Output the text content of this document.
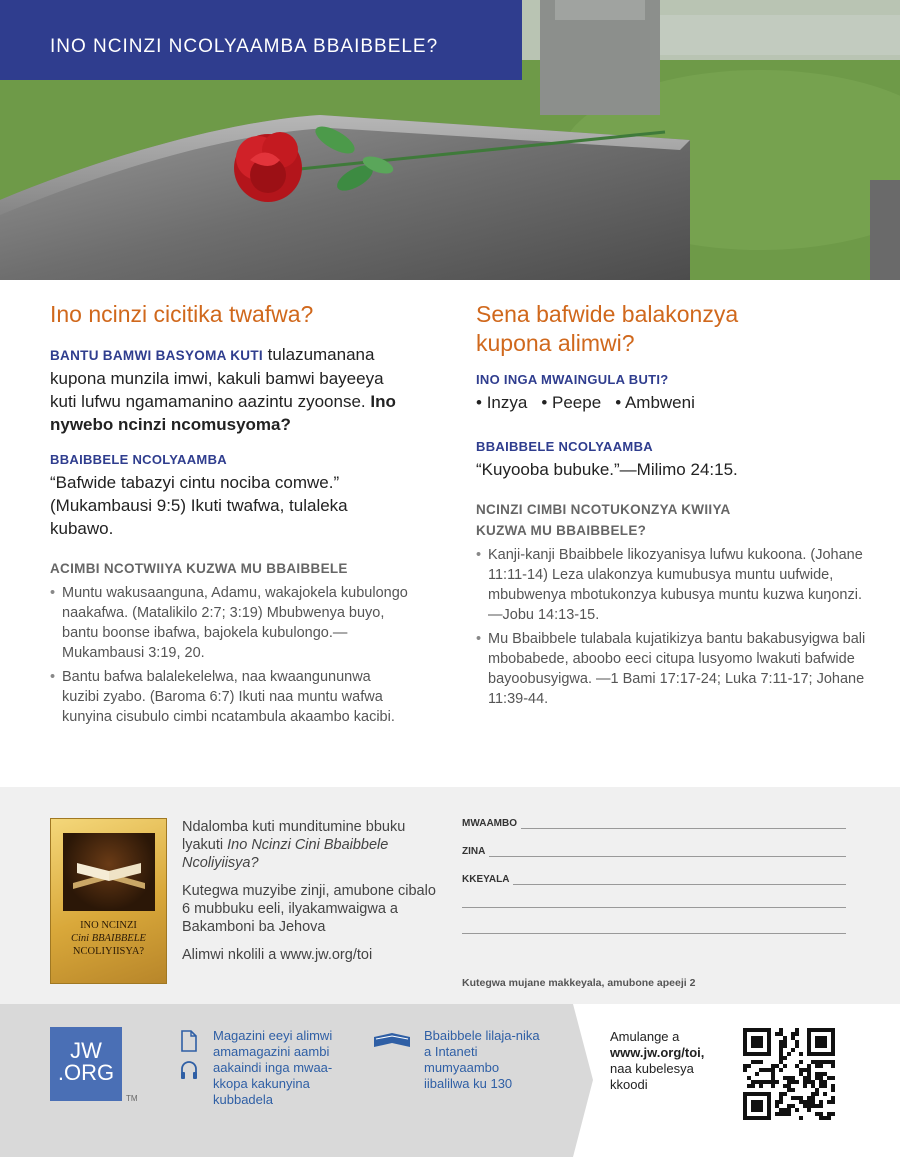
INO NCINZI NCOLYAAMBA BBAIBBELE?
Ino ncinzi cicitika twafwa?
BANTU BAMWI BASYOMA KUTI tulazumanana kupona munzila imwi, kakuli bamwi bayeeya kuti lufwu ngamamanino aazintu zyoonse. Ino nywebo ncinzi ncomusyoma?
BBAIBBELE NCOLYAAMBA
“Bafwide tabazyi cintu nociba comwe.” (Mukambausi 9:5) Ikuti twafwa, tulaleka kubawo.
ACIMBI NCOTWIIYA KUZWA MU BBAIBBELE
• Muntu wakusaanguna, Adamu, wakajokela kubulongo naakafwa. (Matalikilo 2:7; 3:19) Mbubwenya buyo, bantu boonse ibafwa, bajokela kubulongo.—Mukambausi 3:19, 20.
• Bantu bafwa balalekelelwa, naa kwaangununwa kuzibi zyabo. (Baroma 6:7) Ikuti naa muntu wafwa kunyina cisubulo cimbi ncatambula akaambo kacibi.
Sena bafwide balakonzya kupona alimwi?
INO INGA MWAINGULA BUTI?
• Inzya	• Peepe	• Ambweni
BBAIBBELE NCOLYAAMBA
“Kuyooba bubuke.”—Milimo 24:15.
NCINZI CIMBI NCOTUKONZYA KWIIYA KUZWA MU BBAIBBELE?
• Kanji-kanji Bbaibbele likozyanisya lufwu kukoona. (Johane 11:11-14) Leza ulakonzya kumubusya muntu uufwide, mbubwenya mbotukonzya kubusya muntu kuzwa kuŋonzi.—Jobu 14:13-15.
• Mu Bbaibbele tulabala kujatikizya bantu bakabusyigwa bali mbobabede, aboobo eeci citupa lusyomo lwakuti bafwide bayoobusyigwa. —1 Bami 17:17-24; Luka 7:11-17; Johane 11:39-44.
INO NCINZI
Cini BBAIBBELE
NCOLIYIISYA?

Ndalomba kuti munditumine bbuku lyakuti Ino Ncinzi Cini Bbaibbele Ncoliyiisya?

Kutegwa muzyibe zinji, amubone cibalo 6 mubbuku eeli, ilyakamwaigwa a Bakamboni ba Jehova

Alimwi nkolili a www.jw.org/toi

MWAAMBO
ZINA
KKEYALA
Kutegwa mujane makkeyala, amubone apeeji 2
JW
.ORG
TM
Magazini eeyi alimwi amamagazini aambi aakaindi inga mwaa-kkopa kakunyina kubbadela
Bbaibbele lilaja-nika a Intaneti mumyaambo iibalilwa ku 130
Amulange a
www.jw.org/toi,
naa kubelesya kkoodi
